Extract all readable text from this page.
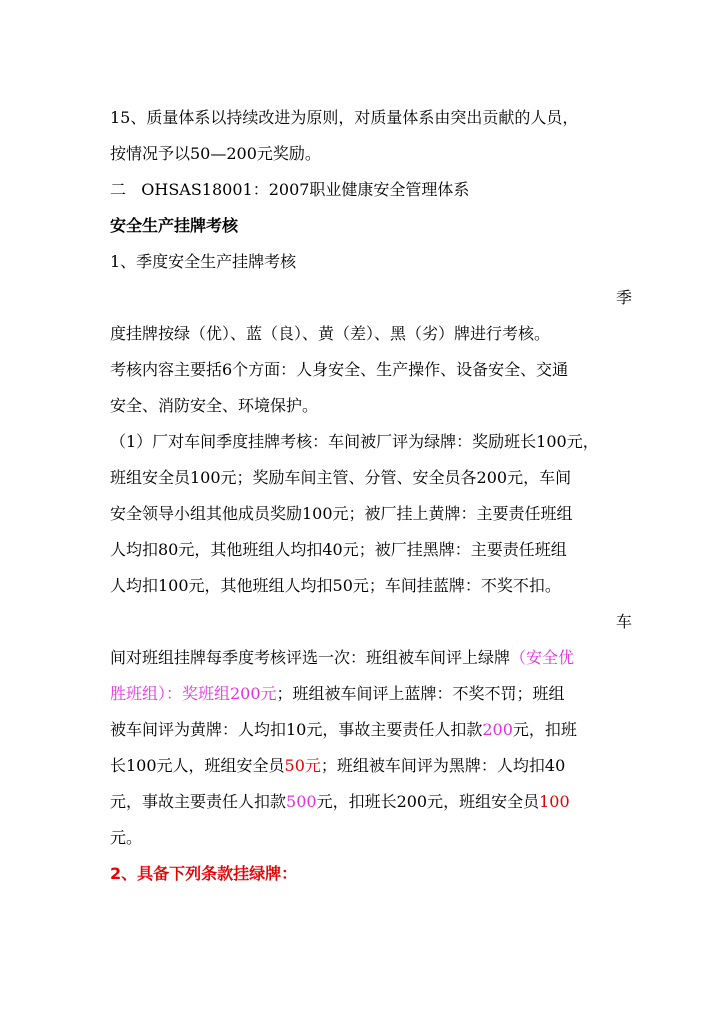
15、质量体系以持续改进为原则，对质量体系由突出贡献的人员，
按情况予以50—200元奖励。
二   OHSAS18001：2007职业健康安全管理体系
安全生产挂牌考核
1、季度安全生产挂牌考核
季
度挂牌按绿（优）、蓝（良）、黄（差）、黑（劣）牌进行考核。
考核内容主要括6个方面：人身安全、生产操作、设备安全、交通
安全、消防安全、环境保护。
（1）厂对车间季度挂牌考核：车间被厂评为绿牌：奖励班长100元，
班组安全员100元；奖励车间主管、分管、安全员各200元，车间
安全领导小组其他成员奖励100元；被厂挂上黄牌：主要责任班组
人均扣80元，其他班组人均扣40元；被厂挂黑牌：主要责任班组
人均扣100元，其他班组人均扣50元；车间挂蓝牌：不奖不扣。
车
间对班组挂牌每季度考核评选一次：班组被车间评上绿牌（安全优
胜班组）：奖班组200元；班组被车间评上蓝牌：不奖不罚；班组
被车间评为黄牌：人均扣10元，事故主要责任人扣款200元，扣班
长100元人，班组安全员50元；班组被车间评为黑牌：人均扣40
元，事故主要责任人扣款500元，扣班长200元，班组安全员100
元。
2、具备下列条款挂绿牌：
